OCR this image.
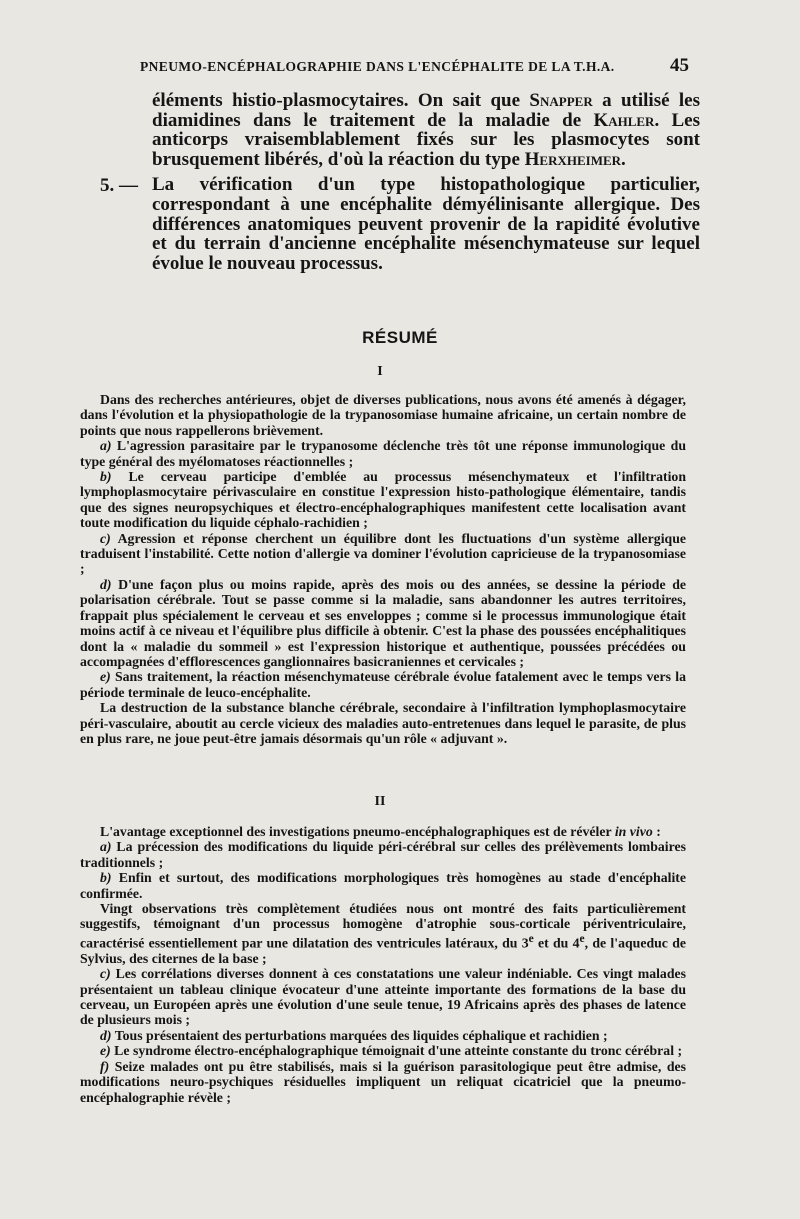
PNEUMO-ENCÉPHALOGRAPHIE DANS L'ENCÉPHALITE DE LA T.H.A.	45

éléments histio-plasmocytaires. On sait que Snapper a utilisé les diamidines dans le traitement de la maladie de Kahler. Les anticorps vraisemblablement fixés sur les plasmocytes sont brusquement libérés, d'où la réaction du type Herxheimer.

5. — La vérification d'un type histopathologique particulier, correspondant à une encéphalite démyélinisante allergique. Des différences anatomiques peuvent provenir de la rapidité évolutive et du terrain d'ancienne encéphalite mésenchymateuse sur lequel évolue le nouveau processus.
RÉSUMÉ
I

Dans des recherches antérieures, objet de diverses publications, nous avons été amenés à dégager, dans l'évolution et la physiopathologie de la trypanosomiase humaine africaine, un certain nombre de points que nous rappellerons brièvement.

a) L'agression parasitaire par le trypanosome déclenche très tôt une réponse immunologique du type général des myélomatoses réactionnelles ;

b) Le cerveau participe d'emblée au processus mésenchymateux et l'infiltration lymphoplasmocytaire périvasculaire en constitue l'expression histo-pathologique élémentaire, tandis que des signes neuropsychiques et électro-encéphalographiques manifestent cette localisation avant toute modification du liquide céphalo-rachidien ;

c) Agression et réponse cherchent un équilibre dont les fluctuations d'un système allergique traduisent l'instabilité. Cette notion d'allergie va dominer l'évolution capricieuse de la trypanosomiase ;

d) D'une façon plus ou moins rapide, après des mois ou des années, se dessine la période de polarisation cérébrale. Tout se passe comme si la maladie, sans abandonner les autres territoires, frappait plus spécialement le cerveau et ses enveloppes ; comme si le processus immunologique était moins actif à ce niveau et l'équilibre plus difficile à obtenir. C'est la phase des poussées encéphalitiques dont la « maladie du sommeil » est l'expression historique et authentique, poussées précédées ou accompagnées d'efflorescences ganglionnaires basicraniennes et cervicales ;

e) Sans traitement, la réaction mésenchymateuse cérébrale évolue fatalement avec le temps vers la période terminale de leuco-encéphalite.

La destruction de la substance blanche cérébrale, secondaire à l'infiltration lymphoplasmocytaire péri-vasculaire, aboutit au cercle vicieux des maladies auto-entretenues dans lequel le parasite, de plus en plus rare, ne joue peut-être jamais désormais qu'un rôle « adjuvant ».

II

L'avantage exceptionnel des investigations pneumo-encéphalographiques est de révéler in vivo :

a) La précession des modifications du liquide péri-cérébral sur celles des prélèvements lombaires traditionnels ;

b) Enfin et surtout, des modifications morphologiques très homogènes au stade d'encéphalite confirmée.

Vingt observations très complètement étudiées nous ont montré des faits particulièrement suggestifs, témoignant d'un processus homogène d'atrophie sous-corticale périventriculaire, caractérisé essentiellement par une dilatation des ventricules latéraux, du 3e et du 4e, de l'aqueduc de Sylvius, des citernes de la base ;

c) Les corrélations diverses donnent à ces constatations une valeur indéniable. Ces vingt malades présentaient un tableau clinique évocateur d'une atteinte importante des formations de la base du cerveau, un Européen après une évolution d'une seule tenue, 19 Africains après des phases de latence de plusieurs mois ;

d) Tous présentaient des perturbations marquées des liquides céphalique et rachidien ;

e) Le syndrome électro-encéphalographique témoignait d'une atteinte constante du tronc cérébral ;

f) Seize malades ont pu être stabilisés, mais si la guérison parasitologique peut être admise, des modifications neuro-psychiques résiduelles impliquent un reliquat cicatriciel que la pneumo-encéphalographie révèle ;
